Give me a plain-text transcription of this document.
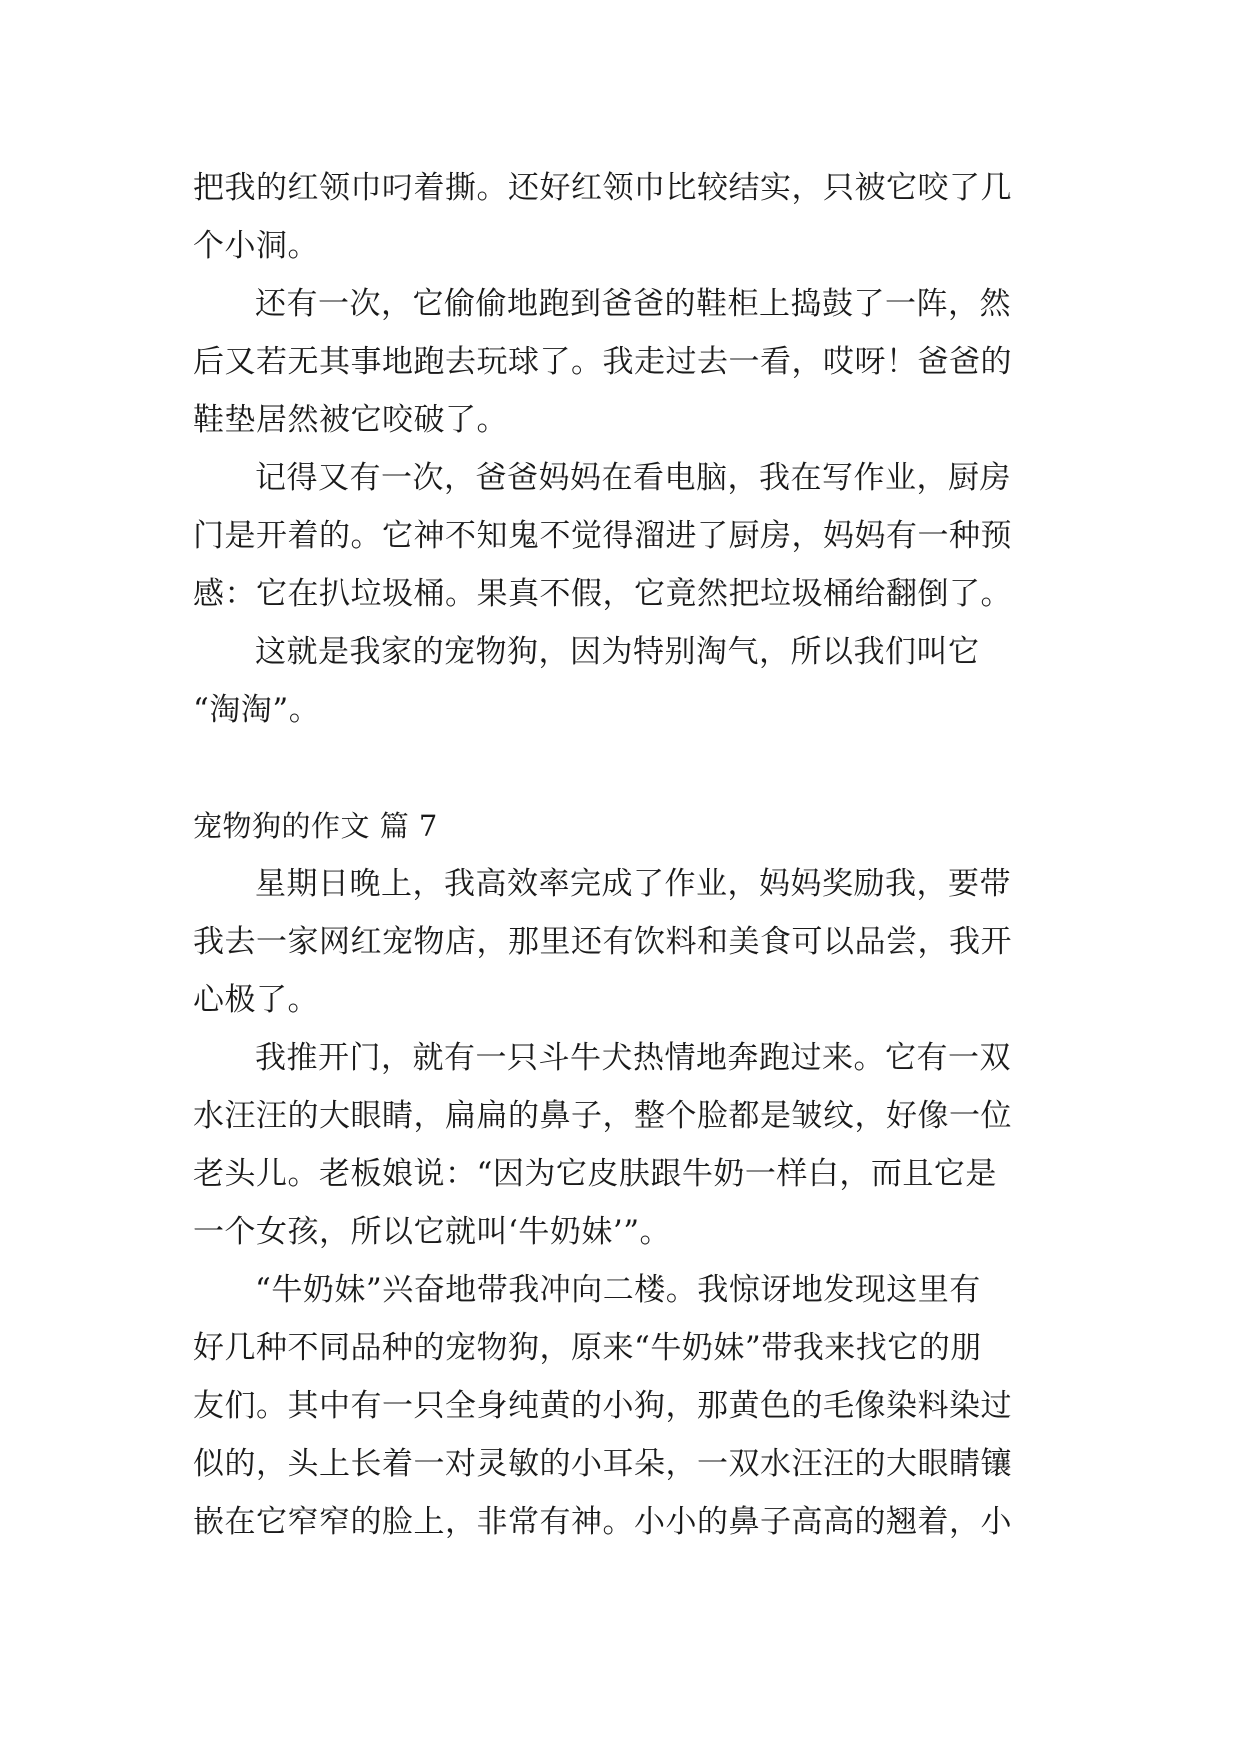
把我的红领巾叼着撕。还好红领巾比较结实，只被它咬了几
个小洞。
还有一次，它偷偷地跑到爸爸的鞋柜上捣鼓了一阵，然
后又若无其事地跑去玩球了。我走过去一看，哎呀！爸爸的
鞋垫居然被它咬破了。
记得又有一次，爸爸妈妈在看电脑，我在写作业，厨房
门是开着的。它神不知鬼不觉得溜进了厨房，妈妈有一种预
感：它在扒垃圾桶。果真不假，它竟然把垃圾桶给翻倒了。
这就是我家的宠物狗，因为特别淘气，所以我们叫它
“淘淘”。
宠物狗的作文 篇 7
星期日晚上，我高效率完成了作业，妈妈奖励我，要带
我去一家网红宠物店，那里还有饮料和美食可以品尝，我开
心极了。
我推开门，就有一只斗牛犬热情地奔跑过来。它有一双
水汪汪的大眼睛，扁扁的鼻子，整个脸都是皱纹，好像一位
老头儿。老板娘说：“因为它皮肤跟牛奶一样白，而且它是
一个女孩，所以它就叫‘牛奶妹’”。
“牛奶妹”兴奋地带我冲向二楼。我惊讶地发现这里有
好几种不同品种的宠物狗，原来“牛奶妹”带我来找它的朋
友们。其中有一只全身纯黄的小狗，那黄色的毛像染料染过
似的，头上长着一对灵敏的小耳朵，一双水汪汪的大眼睛镶
嵌在它窄窄的脸上，非常有神。小小的鼻子高高的翘着，小
